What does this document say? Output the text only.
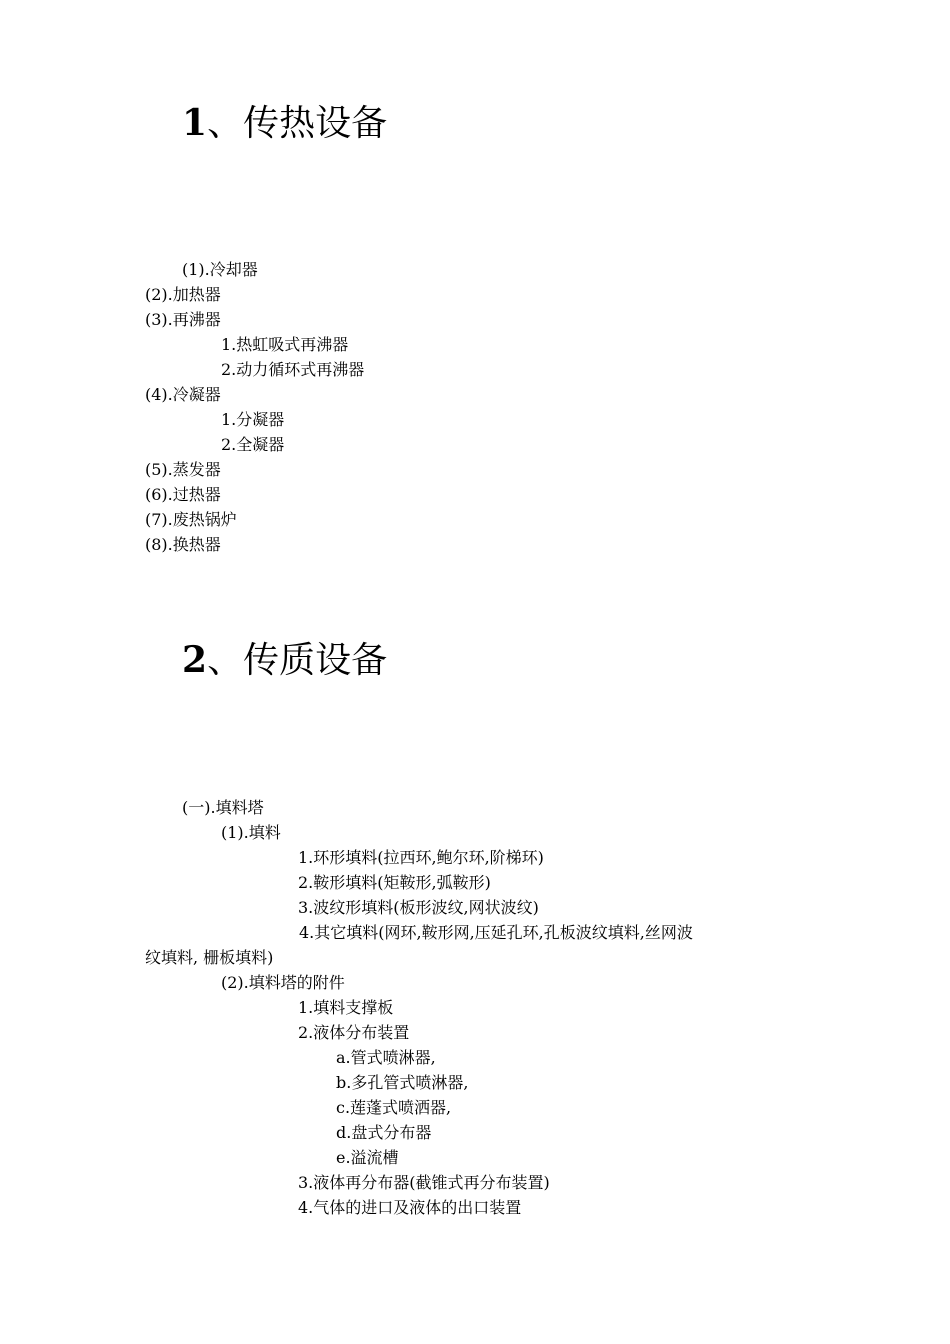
1、传热设备
(1).冷却器
(2).加热器
(3).再沸器
1.热虹吸式再沸器
2.动力循环式再沸器
(4).冷凝器
1.分凝器
2.全凝器
(5).蒸发器
(6).过热器
(7).废热锅炉
(8).换热器
2、传质设备
(一).填料塔
(1).填料
1.环形填料(拉西环,鲍尔环,阶梯环)
2.鞍形填料(矩鞍形,弧鞍形)
3.波纹形填料(板形波纹,网状波纹)
4.其它填料(网环,鞍形网,压延孔环,孔板波纹填料,丝网波
纹填料, 栅板填料)
(2).填料塔的附件
1.填料支撑板
2.液体分布装置
a.管式喷淋器,
b.多孔管式喷淋器,
c.莲蓬式喷洒器,
d.盘式分布器
e.溢流槽
3.液体再分布器(截锥式再分布装置)
4.气体的进口及液体的出口装置
